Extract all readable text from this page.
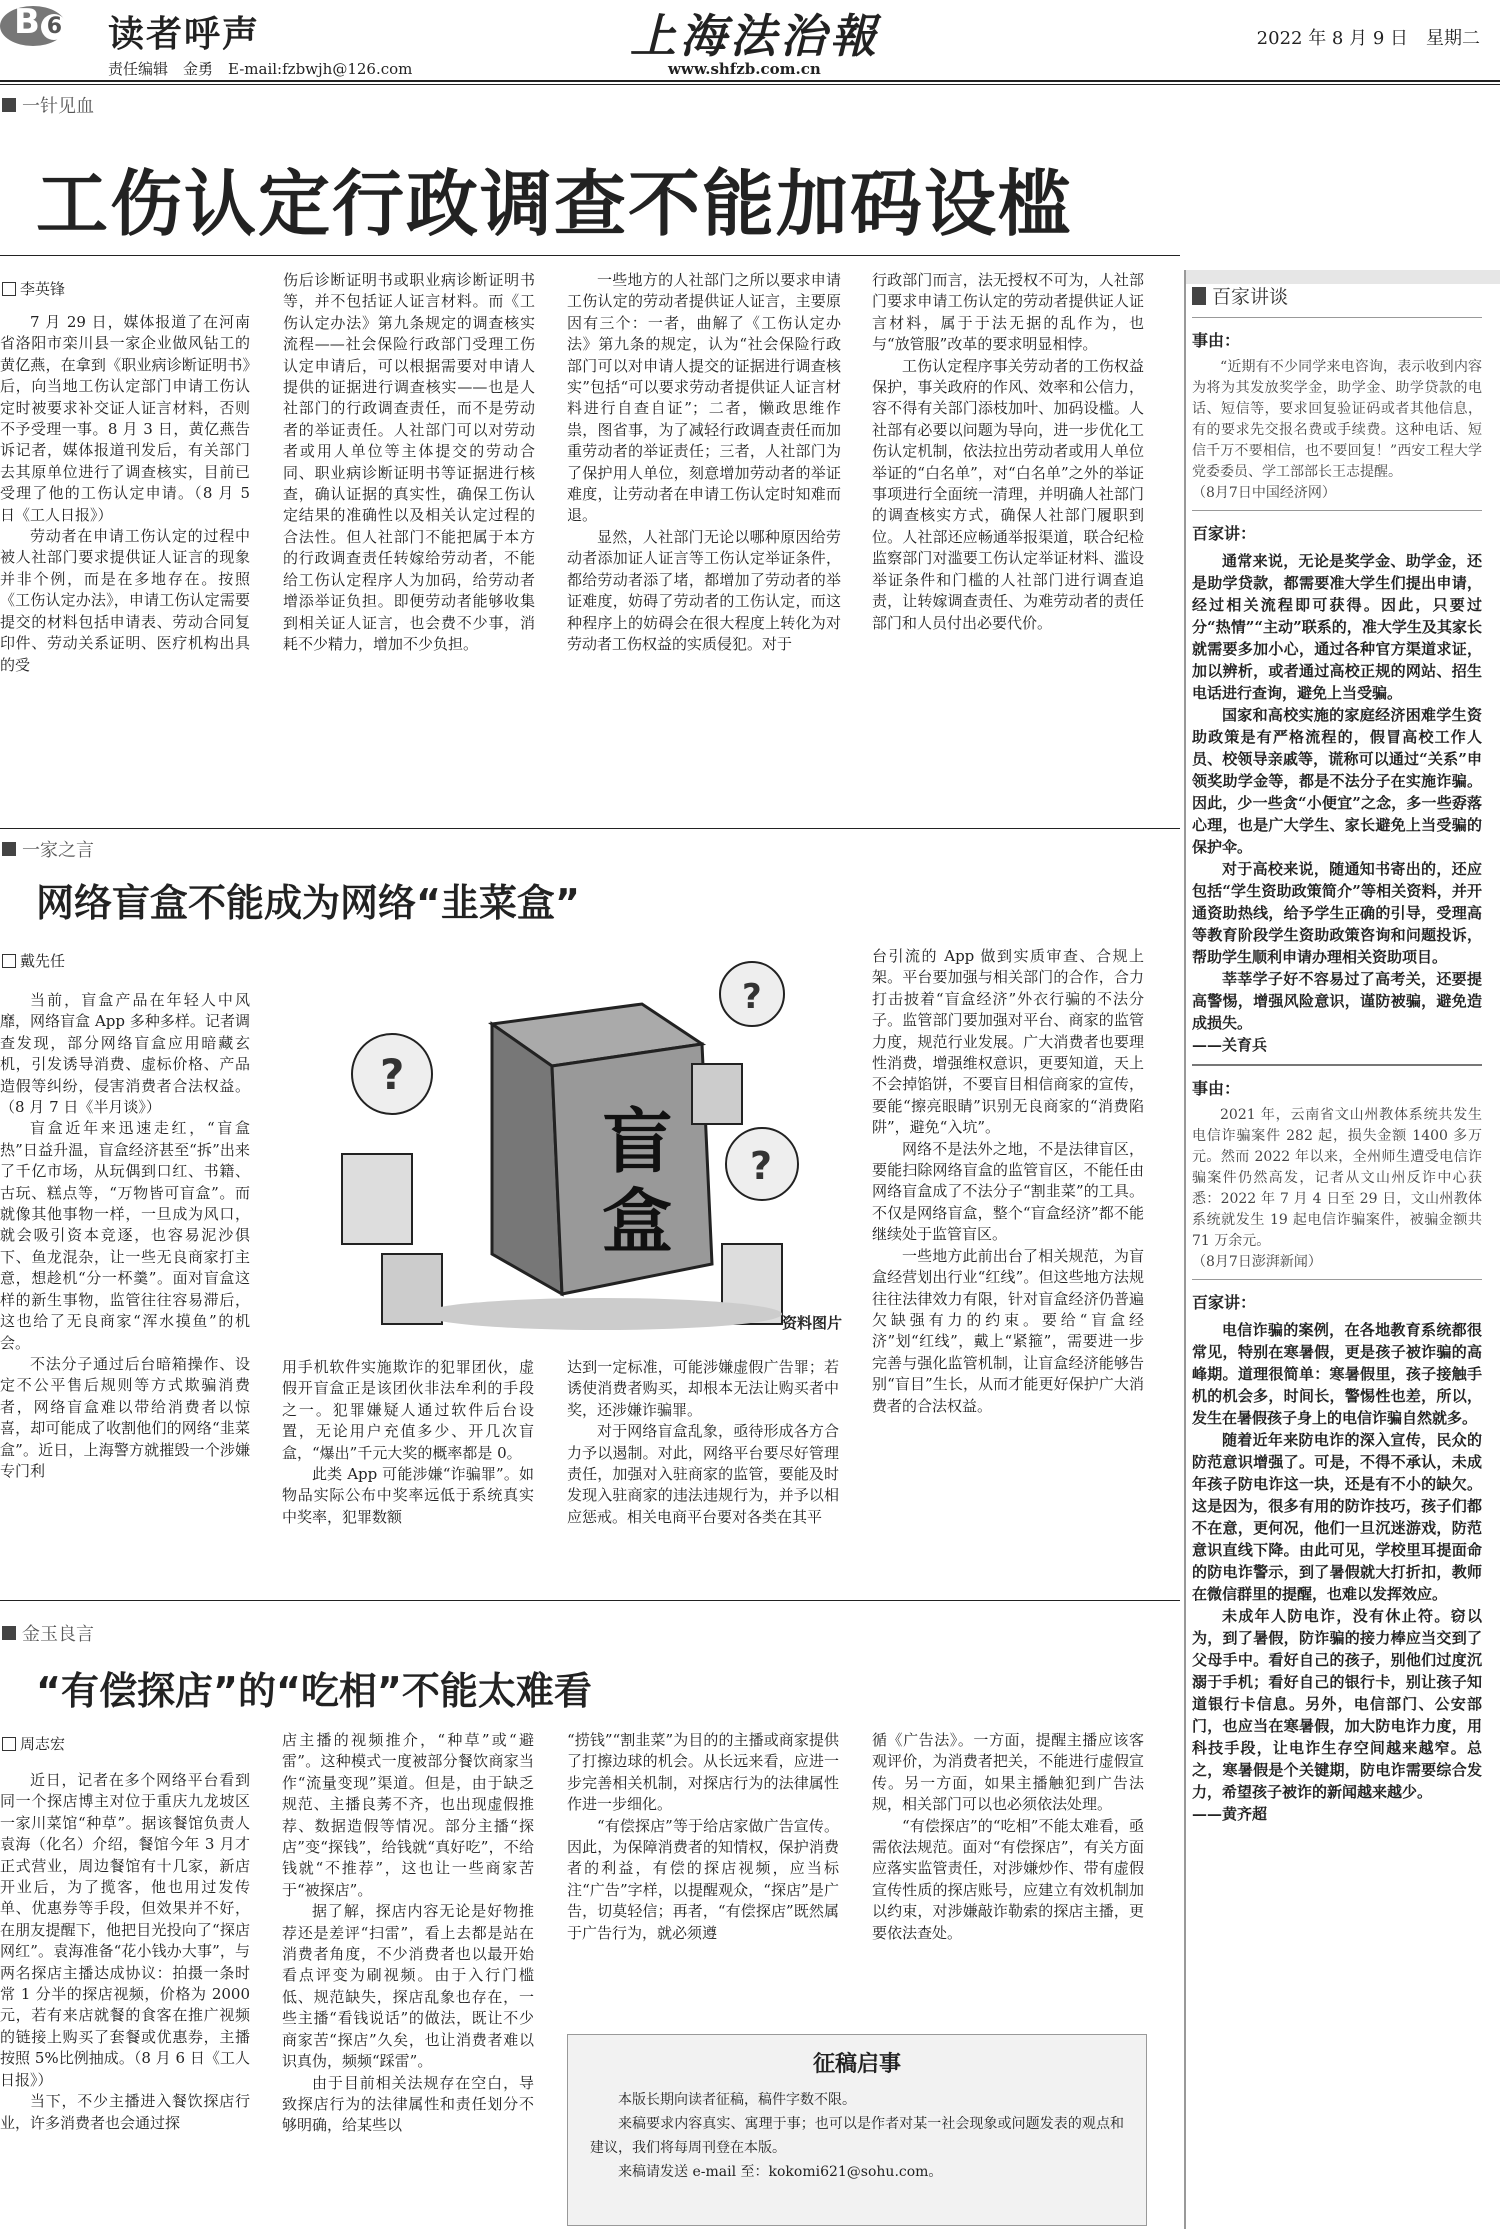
B 6 读者呼声
责任编辑　金勇　E-mail:fzbwjh@126.com
上海法治報
www.shfzb.com.cn
2022 年 8 月 9 日　星期二
一针见血
工伤认定行政调查不能加码设槛
李英锋

7 月 29 日，媒体报道了在河南省洛阳市栾川县一家企业做风钻工的黄亿燕，在拿到《职业病诊断证明书》后，向当地工伤认定部门申请工伤认定时被要求补交证人证言材料，否则不予受理一事。8 月 3 日，黄亿燕告诉记者，媒体报道刊发后，有关部门去其原单位进行了调查核实，目前已受理了他的工伤认定申请。（8 月 5 日《工人日报》）

劳动者在申请工伤认定的过程中被人社部门要求提供证人证言的现象并非个例，而是在多地存在。按照《工伤认定办法》，申请工伤认定需要提交的材料包括申请表、劳动合同复印件、劳动关系证明、医疗机构出具的受

伤后诊断证明书或职业病诊断证明书等，并不包括证人证言材料。而《工伤认定办法》第九条规定的调查核实流程——社会保险行政部门受理工伤认定申请后，可以根据需要对申请人提供的证据进行调查核实——也是人社部门的行政调查责任，而不是劳动者的举证责任。人社部门可以对劳动者或用人单位等主体提交的劳动合同、职业病诊断证明书等证据进行核查，确认证据的真实性，确保工伤认定结果的准确性以及相关认定过程的合法性。但人社部门不能把属于本方的行政调查责任转嫁给劳动者，不能给工伤认定程序人为加码，给劳动者增添举证负担。即便劳动者能够收集到相关证人证言，也会费不少事，消耗不少精力，增加不少负担。

一些地方的人社部门之所以要求申请工伤认定的劳动者提供证人证言，主要原因有三个：一者，曲解了《工伤认定办法》第九条的规定，认为“社会保险行政部门可以对申请人提交的证据进行调查核实”包括“可以要求劳动者提供证人证言材料进行自查自证”；二者，懒政思维作祟，图省事，为了减轻行政调查责任而加重劳动者的举证责任；三者，人社部门为了保护用人单位，刻意增加劳动者的举证难度，让劳动者在申请工伤认定时知难而退。

显然，人社部门无论以哪种原因给劳动者添加证人证言等工伤认定举证条件，都给劳动者添了堵，都增加了劳动者的举证难度，妨碍了劳动者的工伤认定，而这种程序上的妨碍会在很大程度上转化为对劳动者工伤权益的实质侵犯。对于

行政部门而言，法无授权不可为，人社部门要求申请工伤认定的劳动者提供证人证言材料，属于于法无据的乱作为，也与“放管服”改革的要求明显相悖。

工伤认定程序事关劳动者的工伤权益保护，事关政府的作风、效率和公信力，容不得有关部门添枝加叶、加码设槛。人社部有必要以问题为导向，进一步优化工伤认定机制，依法拉出劳动者或用人单位举证的“白名单”，对“白名单”之外的举证事项进行全面统一清理，并明确人社部门的调查核实方式，确保人社部门履职到位。人社部还应畅通举报渠道，联合纪检监察部门对滥要工伤认定举证材料、滥设举证条件和门槛的人社部门进行调查追责，让转嫁调查责任、为难劳动者的责任部门和人员付出必要代价。

百家讲谈
事由：

“近期有不少同学来电咨询，表示收到内容为将为其发放奖学金，助学金、助学贷款的电话、短信等，要求回复验证码或者其他信息，有的要求先交报名费或手续费。这种电话、短信千万不要相信，也不要回复！”西安工程大学党委委员、学工部部长王志提醒。

（8月7日中国经济网）
百家讲：

通常来说，无论是奖学金、助学金，还是助学贷款，都需要准大学生们提出申请，经过相关流程即可获得。因此，只要过分“热情”“主动”联系的，准大学生及其家长就需要多加小心，通过各种官方渠道求证，加以辨析，或者通过高校正规的网站、招生电话进行查询，避免上当受骗。

国家和高校实施的家庭经济困难学生资助政策是有严格流程的，假冒高校工作人员、校领导亲戚等，谎称可以通过“关系”申领奖助学金等，都是不法分子在实施诈骗。因此，少一些贪“小便宜”之念，多一些孬落心理，也是广大学生、家长避免上当受骗的保护伞。

对于高校来说，随通知书寄出的，还应包括“学生资助政策简介”等相关资料，并开通资助热线，给予学生正确的引导，受理高等教育阶段学生资助政策咨询和问题投诉，帮助学生顺利申请办理相关资助项目。

莘莘学子好不容易过了高考关，还要提高警惕，增强风险意识，谨防被骗，避免造成损失。

——关育兵
事由：

2021 年，云南省文山州教体系统共发生电信诈骗案件 282 起，损失金额 1400 多万元。然而 2022 年以来，全州师生遭受电信诈骗案件仍然高发，记者从文山州反诈中心获悉：2022 年 7 月 4 日至 29 日，文山州教体系统就发生 19 起电信诈骗案件，被骗金额共 71 万余元。

（8月7日澎湃新闻）
百家讲：

电信诈骗的案例，在各地教育系统都很常见，特别在寒暑假，更是孩子被诈骗的高峰期。道理很简单：寒暑假里，孩子接触手机的机会多，时间长，警惕性也差，所以，发生在暑假孩子身上的电信诈骗自然就多。

随着近年来防电诈的深入宣传，民众的防范意识增强了。可是，不得不承认，未成年孩子防电诈这一块，还是有不小的缺欠。这是因为，很多有用的防诈技巧，孩子们都不在意，更何况，他们一旦沉迷游戏，防范意识直线下降。由此可见，学校里耳提面命的防电诈警示，到了暑假就大打折扣，教师在微信群里的提醒，也难以发挥效应。

未成年人防电诈，没有休止符。窃以为，到了暑假，防诈骗的接力棒应当交到了父母手中。看好自己的孩子，别他们过度沉溺于手机；看好自己的银行卡，别让孩子知道银行卡信息。另外，电信部门、公安部门，也应当在寒暑假，加大防电诈力度，用科技手段，让电诈生存空间越来越窄。总之，寒暑假是个关键期，防电诈需要综合发力，希望孩子被诈的新闻越来越少。

——黄齐超
一家之言
网络盲盒不能成为网络“韭菜盒”
戴先任

当前，盲盒产品在年轻人中风靡，网络盲盒 App 多种多样。记者调查发现，部分网络盲盒应用暗藏玄机，引发诱导消费、虚标价格、产品造假等纠纷，侵害消费者合法权益。（8 月 7 日《半月谈》）

盲盒近年来迅速走红，“盲盒热”日益升温，盲盒经济甚至“拆”出来了千亿市场，从玩偶到口红、书籍、古玩、糕点等，“万物皆可盲盒”。而就像其他事物一样，一旦成为风口，就会吸引资本竞逐，也容易泥沙俱下、鱼龙混杂，让一些无良商家打主意，想趁机“分一杯羹”。面对盲盒这样的新生事物，监管往往容易滞后，这也给了无良商家“浑水摸鱼”的机会。

不法分子通过后台暗箱操作、设定不公平售后规则等方式欺骗消费者，网络盲盒难以带给消费者以惊喜，却可能成了收割他们的网络“韭菜盒”。近日，上海警方就摧毁一个涉嫌专门利

?
?
?
盲盒
资料图片

用手机软件实施欺诈的犯罪团伙，虚假开盲盒正是该团伙非法牟利的手段之一。犯罪嫌疑人通过软件后台设置，无论用户充值多少、开几次盲盒，“爆出”千元大奖的概率都是 0。

此类 App 可能涉嫌“诈骗罪”。如物品实际公布中奖率远低于系统真实中奖率，犯罪数额

达到一定标准，可能涉嫌虚假广告罪；若诱使消费者购买，却根本无法让购买者中奖，还涉嫌诈骗罪。

对于网络盲盒乱象，亟待形成各方合力予以遏制。对此，网络平台要尽好管理责任，加强对入驻商家的监管，要能及时发现入驻商家的违法违规行为，并予以相应惩戒。相关电商平台要对各类在其平

台引流的 App 做到实质审查、合规上架。平台要加强与相关部门的合作，合力打击披着“盲盒经济”外衣行骗的不法分子。监管部门要加强对平台、商家的监管力度，规范行业发展。广大消费者也要理性消费，增强维权意识，更要知道，天上不会掉馅饼，不要盲目相信商家的宣传，要能“擦亮眼睛”识别无良商家的“消费陷阱”，避免“入坑”。

网络不是法外之地，不是法律盲区，要能扫除网络盲盒的监管盲区，不能任由网络盲盒成了不法分子“割韭菜”的工具。不仅是网络盲盒，整个“盲盒经济”都不能继续处于监管盲区。

一些地方此前出台了相关规范，为盲盒经营划出行业“红线”。但这些地方法规往往法律效力有限，针对盲盒经济仍普遍欠缺强有力的约束。要给“盲盒经济”划“红线”，戴上“紧箍”，需要进一步完善与强化监管机制，让盲盒经济能够告别“盲目”生长，从而才能更好保护广大消费者的合法权益。

金玉良言
“有偿探店”的“吃相”不能太难看
周志宏

近日，记者在多个网络平台看到同一个探店博主对位于重庆九龙坡区一家川菜馆“种草”。据该餐馆负责人袁海（化名）介绍，餐馆今年 3 月才正式营业，周边餐馆有十几家，新店开业后，为了揽客，他也用过发传单、优惠券等手段，但效果并不好，在朋友提醒下，他把目光投向了“探店网红”。袁海准备“花小钱办大事”，与两名探店主播达成协议：拍摄一条时常 1 分半的探店视频，价格为 2000 元，若有来店就餐的食客在推广视频的链接上购买了套餐或优惠券，主播按照 5%比例抽成。（8 月 6 日《工人日报》）

当下，不少主播进入餐饮探店行业，许多消费者也会通过探

店主播的视频推介，“种草”或“避雷”。这种模式一度被部分餐饮商家当作“流量变现”渠道。但是，由于缺乏规范、主播良莠不齐，也出现虚假推荐、数据造假等情况。部分主播“探店”变“探钱”，给钱就“真好吃”，不给钱就“不推荐”，这也让一些商家苦于“被探店”。

据了解，探店内容无论是好物推荐还是差评“扫雷”，看上去都是站在消费者角度，不少消费者也以最开始看点评变为刷视频。由于入行门槛低、规范缺失，探店乱象也存在，一些主播“看钱说话”的做法，既让不少商家苦“探店”久矣，也让消费者难以识真伪，频频“踩雷”。

由于目前相关法规存在空白，导致探店行为的法律属性和责任划分不够明确，给某些以

“捞钱”“割韭菜”为目的的主播或商家提供了打擦边球的机会。从长远来看，应进一步完善相关机制，对探店行为的法律属性作进一步细化。

“有偿探店”等于给店家做广告宣传。因此，为保障消费者的知情权，保护消费者的利益，有偿的探店视频，应当标注“广告”字样，以提醒观众，“探店”是广告，切莫轻信；再者，“有偿探店”既然属于广告行为，就必须遵

循《广告法》。一方面，提醒主播应该客观评价，为消费者把关，不能进行虚假宣传。另一方面，如果主播触犯到广告法规，相关部门可以也必须依法处理。

“有偿探店”的“吃相”不能太难看，亟需依法规范。面对“有偿探店”，有关方面应落实监管责任，对涉嫌炒作、带有虚假宣传性质的探店账号，应建立有效机制加以约束，对涉嫌敲诈勒索的探店主播，更要依法查处。

征稿启事

本版长期向读者征稿，稿件字数不限。

来稿要求内容真实、寓理于事；也可以是作者对某一社会现象或问题发表的观点和建议，我们将每周刊登在本版。

来稿请发送 e-mail 至：kokomi621@sohu.com。
